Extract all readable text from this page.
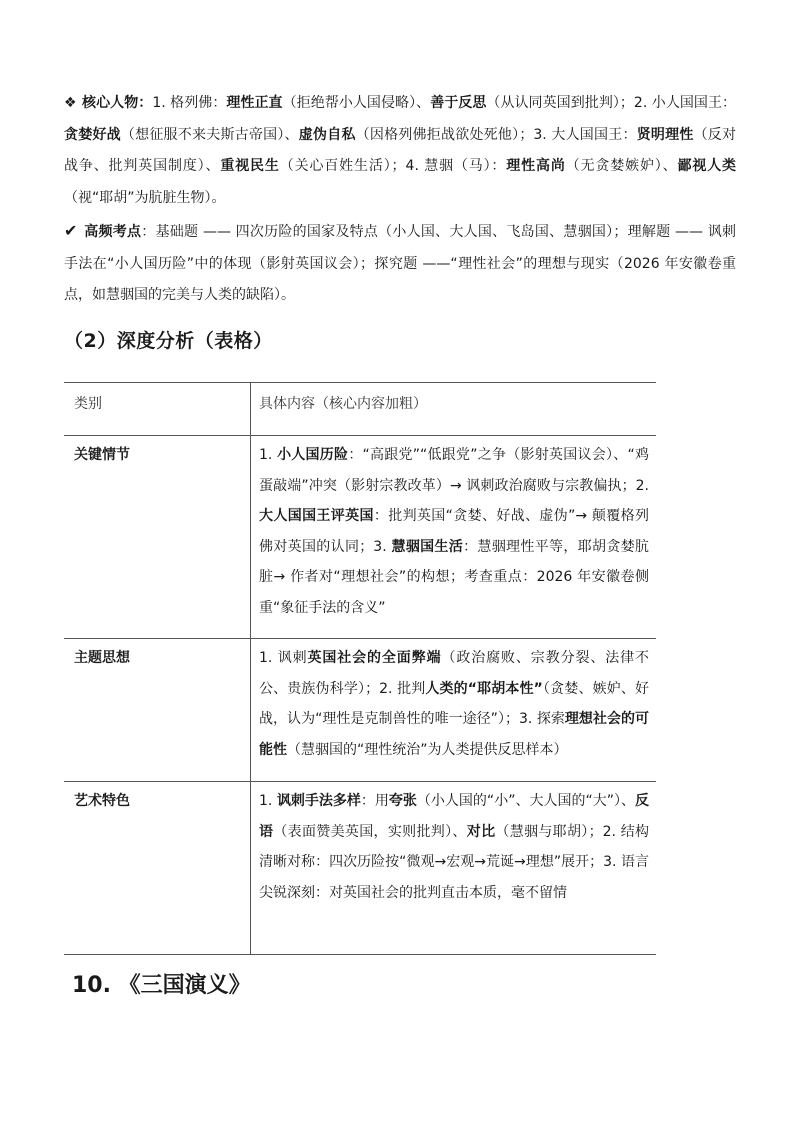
❖ 核心人物：1. 格列佛：理性正直（拒绝帮小人国侵略）、善于反思（从认同英国到批判）；2. 小人国国王：贪婪好战（想征服不来夫斯古帝国）、虚伪自私（因格列佛拒战欲处死他）；3. 大人国国王：贤明理性（反对战争、批判英国制度）、重视民生（关心百姓生活）；4. 慧骃（马）：理性高尚（无贪婪嫉妒）、鄙视人类（视“耶胡”为肮脏生物）。
✔ 高频考点：基础题 —— 四次历险的国家及特点（小人国、大人国、飞岛国、慧骃国）；理解题 —— 讽刺手法在“小人国历险”中的体现（影射英国议会）；探究题 ——“理性社会”的理想与现实（2026 年安徽卷重点，如慧骃国的完美与人类的缺陷）。
（2）深度分析（表格）
类别	具体内容（核心内容加粗）
关键情节	1. 小人国历险：“高跟党”“低跟党”之争（影射英国议会）、“鸡蛋敲端”冲突（影射宗教改革）→ 讽刺政治腐败与宗教偏执；2. 大人国国王评英国：批判英国“贪婪、好战、虚伪”→ 颠覆格列佛对英国的认同；3. 慧骃国生活：慧骃理性平等，耶胡贪婪肮脏→ 作者对“理想社会”的构想；考查重点：2026 年安徽卷侧重“象征手法的含义”
主题思想	1. 讽刺英国社会的全面弊端（政治腐败、宗教分裂、法律不公、贵族伪科学）；2. 批判人类的“耶胡本性”（贪婪、嫉妒、好战，认为“理性是克制兽性的唯一途径”）；3. 探索理想社会的可能性（慧骃国的“理性统治”为人类提供反思样本）
艺术特色	1. 讽刺手法多样：用夸张（小人国的“小”、大人国的“大”）、反语（表面赞美英国，实则批判）、对比（慧骃与耶胡）；2. 结构清晰对称：四次历险按“微观→宏观→荒诞→理想”展开；3. 语言尖锐深刻：对英国社会的批判直击本质，毫不留情
10. 《三国演义》
